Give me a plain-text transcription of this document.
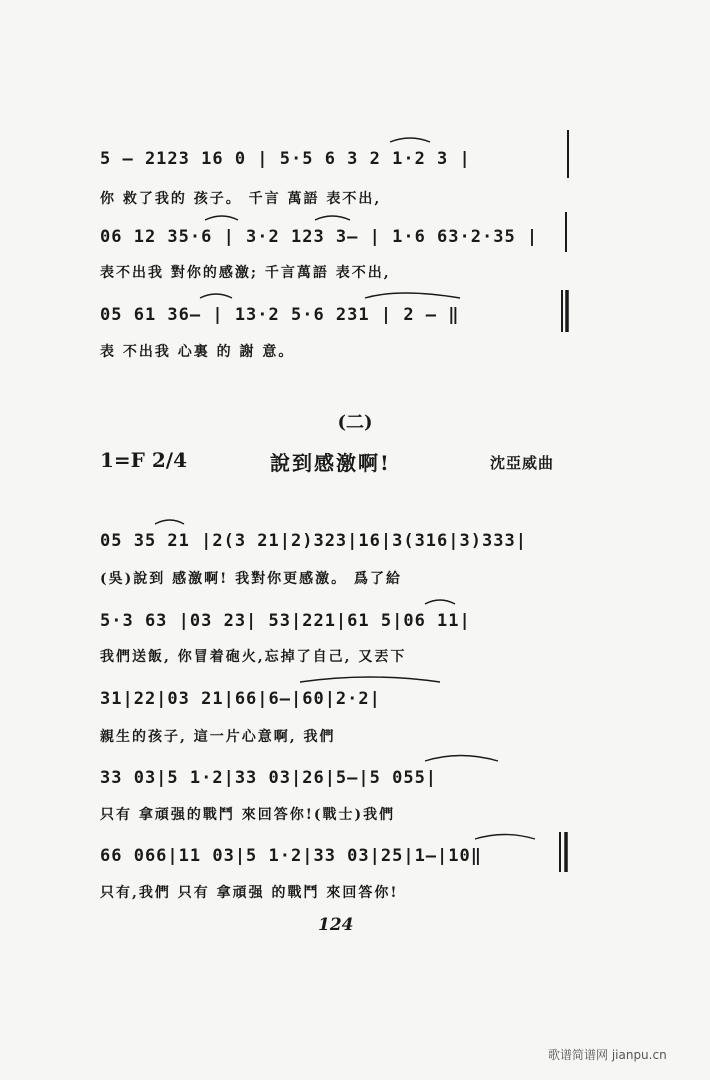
5 — 2123 16 0 | 5·5 6 3 2 1·2 3 |
你 救了我的 孩子。 千言 萬語 表不出,
06 12 35·6 | 3·2 123 3— | 1·6 63·2·35 |
表不出我 對你的感激; 千言萬語 表不出,
05 61 36— | 13·2 5·6 231 | 2 — ‖
表 不出我 心裏 的 謝 意。
(二)
1=F 2/4	說到感激啊!	沈亞威曲
05 35 21 |2(3 21|2)323|16|3(316|3)333|
(吳)說到 感激啊! 我對你更感激。 爲了給
5·3 63 |03 23| 53|221|61 5|06 11|
我們送飯, 你冒着砲火,忘掉了自己, 又丟下
31|22|03 21|66|6—|60|2·2|
親生的孩子, 這一片心意啊, 我們
33 03|5 1·2|33 03|26|5—|5 055|
只有 拿頑强的戰鬥 來回答你!(戰士)我們
66 066|11 03|5 1·2|33 03|25|1—|10‖
只有,我們 只有 拿頑强 的戰鬥 來回答你!
124
歌谱简谱网 jianpu.cn
